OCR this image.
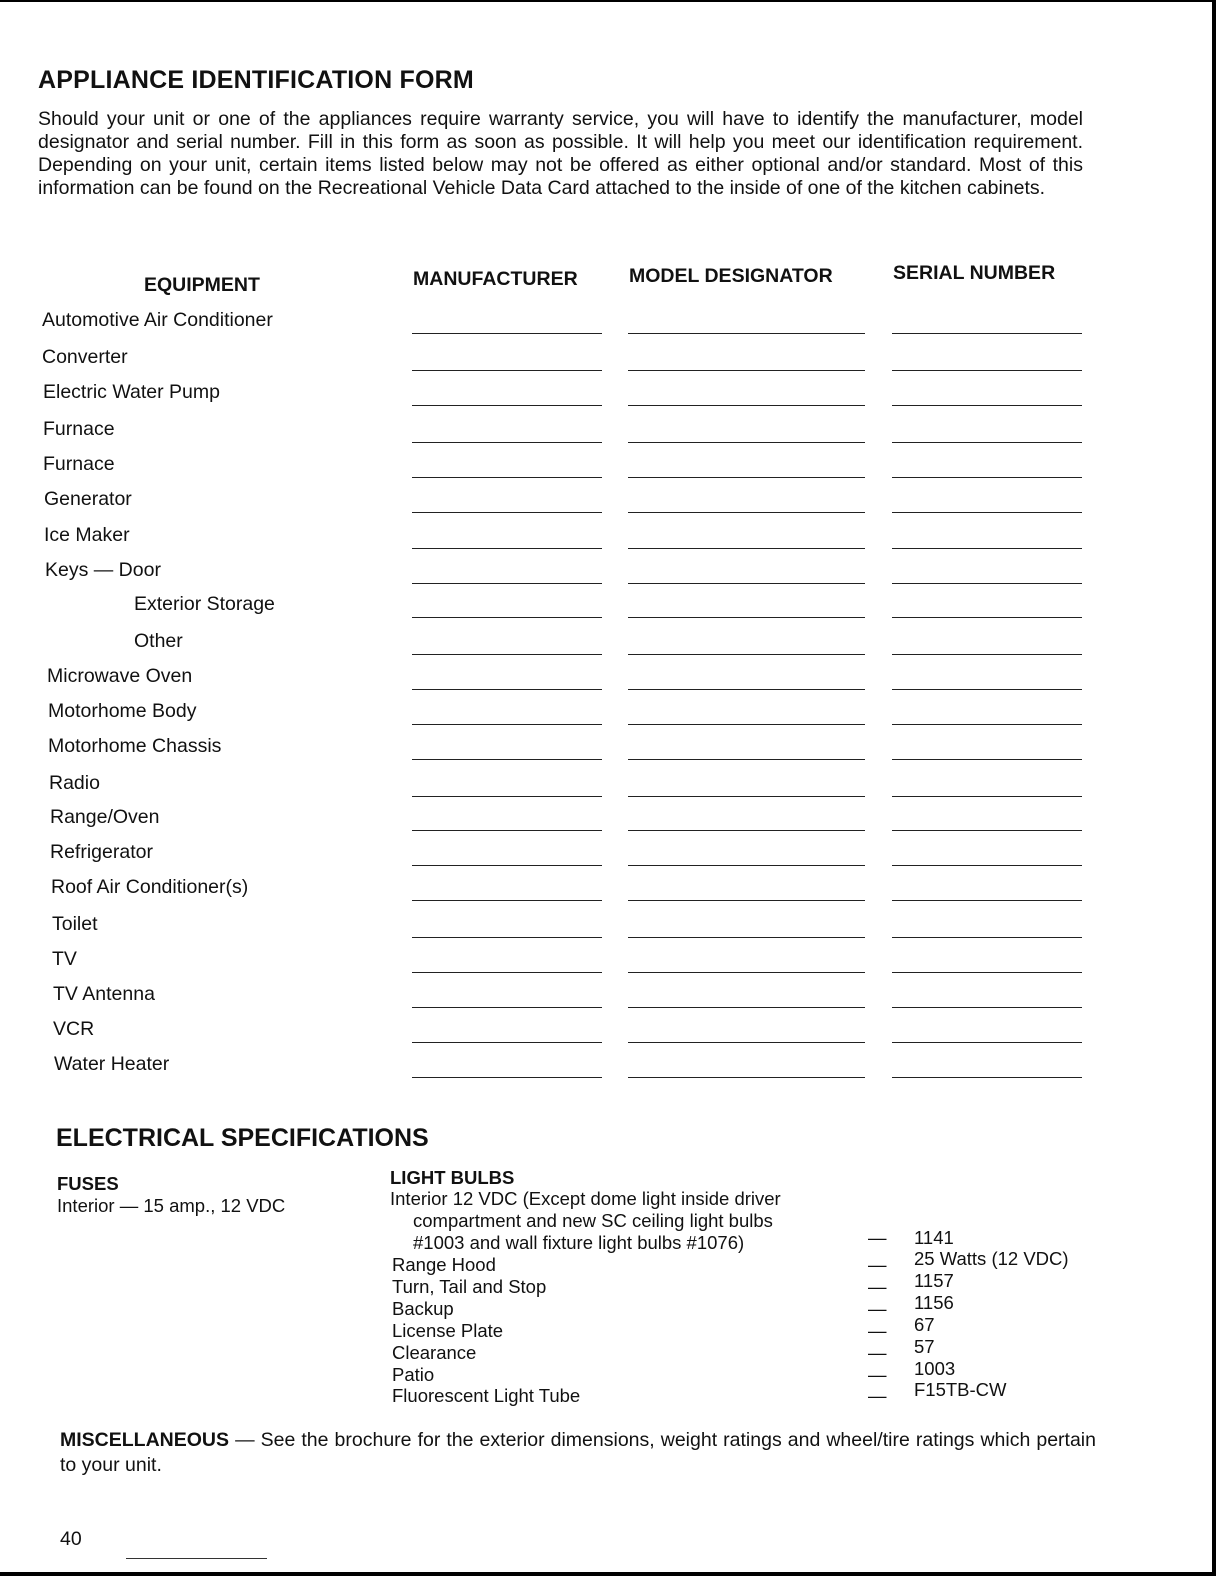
APPLIANCE IDENTIFICATION FORM

Should your unit or one of the appliances require warranty service, you will have to identify the manufacturer, model designator and serial number. Fill in this form as soon as possible. It will help you meet our identification requirement. Depending on your unit, certain items listed below may not be offered as either optional and/or standard. Most of this information can be found on the Recreational Vehicle Data Card attached to the inside of one of the kitchen cabinets.

EQUIPMENT	MANUFACTURER	MODEL DESIGNATOR	SERIAL NUMBER
Automotive Air Conditioner
Converter
Electric Water Pump
Furnace
Furnace
Generator
Ice Maker
Keys — Door
Exterior Storage
Other
Microwave Oven
Motorhome Body
Motorhome Chassis
Radio
Range/Oven
Refrigerator
Roof Air Conditioner(s)
Toilet
TV
TV Antenna
VCR
Water Heater
ELECTRICAL SPECIFICATIONS
FUSES
Interior — 15 amp., 12 VDC
LIGHT BULBS
Interior 12 VDC (Except dome light inside driver
compartment and new SC ceiling light bulbs
#1003 and wall fixture light bulbs #1076)	— 1141
Range Hood	— 25 Watts (12 VDC)
Turn, Tail and Stop	— 1157
Backup	— 1156
License Plate	— 67
Clearance	— 57
Patio	— 1003
Fluorescent Light Tube	— F15TB-CW

MISCELLANEOUS — See the brochure for the exterior dimensions, weight ratings and wheel/tire ratings which pertain to your unit.

40
